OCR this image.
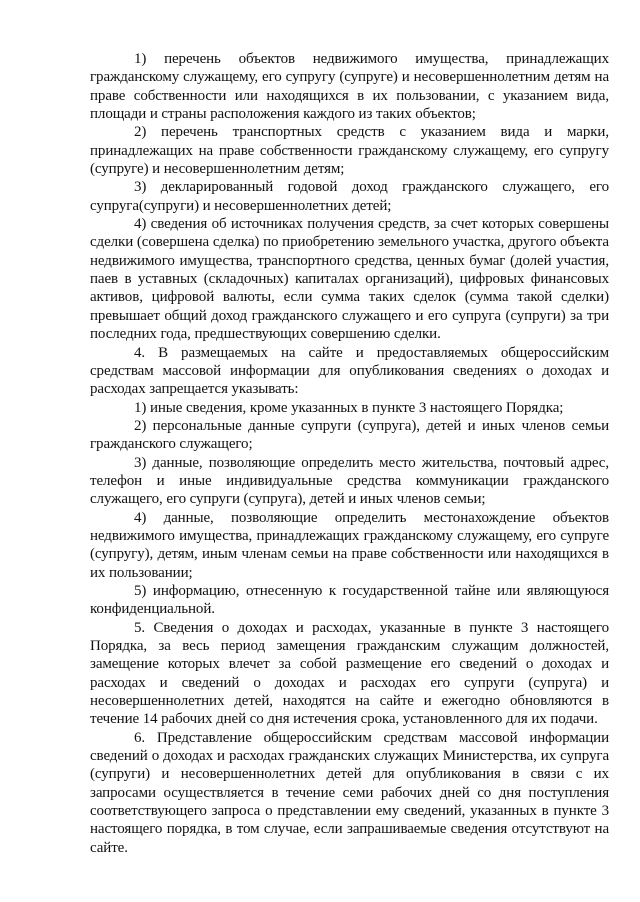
1) перечень объектов недвижимого имущества, принадлежащих гражданскому служащему, его супругу (супруге) и несовершеннолетним детям на праве собственности или находящихся в их пользовании, с указанием вида, площади и страны расположения каждого из таких объектов;

2) перечень транспортных средств с указанием вида и марки, принадлежащих на праве собственности гражданскому служащему, его супругу (супруге) и несовершеннолетним детям;

3) декларированный годовой доход гражданского служащего, его супруга(супруги) и несовершеннолетних детей;

4) сведения об источниках получения средств, за счет которых совершены сделки (совершена сделка) по приобретению земельного участка, другого объекта недвижимого имущества, транспортного средства, ценных бумаг (долей участия, паев в уставных (складочных) капиталах организаций), цифровых финансовых активов, цифровой валюты, если сумма таких сделок (сумма такой сделки) превышает общий доход гражданского служащего и его супруга (супруги) за три последних года, предшествующих совершению сделки.

4. В размещаемых на сайте и предоставляемых общероссийским средствам массовой информации для опубликования сведениях о доходах и расходах запрещается указывать:

1) иные сведения, кроме указанных в пункте 3 настоящего Порядка;

2) персональные данные супруги (супруга), детей и иных членов семьи гражданского служащего;

3) данные, позволяющие определить место жительства, почтовый адрес, телефон и иные индивидуальные средства коммуникации гражданского служащего, его супруги (супруга), детей и иных членов семьи;

4) данные, позволяющие определить местонахождение объектов недвижимого имущества, принадлежащих гражданскому служащему, его супруге (супругу), детям, иным членам семьи на праве собственности или находящихся в их пользовании;

5) информацию, отнесенную к государственной тайне или являющуюся конфиденциальной.

5. Сведения о доходах и расходах, указанные в пункте 3 настоящего Порядка, за весь период замещения гражданским служащим должностей, замещение которых влечет за собой размещение его сведений о доходах и расходах и сведений о доходах и расходах его супруги (супруга) и несовершеннолетних детей, находятся на сайте и ежегодно обновляются в течение 14 рабочих дней со дня истечения срока, установленного для их подачи.

6. Представление общероссийским средствам массовой информации сведений о доходах и расходах гражданских служащих Министерства, их супруга (супруги) и несовершеннолетних детей для опубликования в связи с их запросами осуществляется в течение семи рабочих дней со дня поступления соответствующего запроса о представлении ему сведений, указанных в пункте 3 настоящего порядка, в том случае, если запрашиваемые сведения отсутствуют на сайте.
